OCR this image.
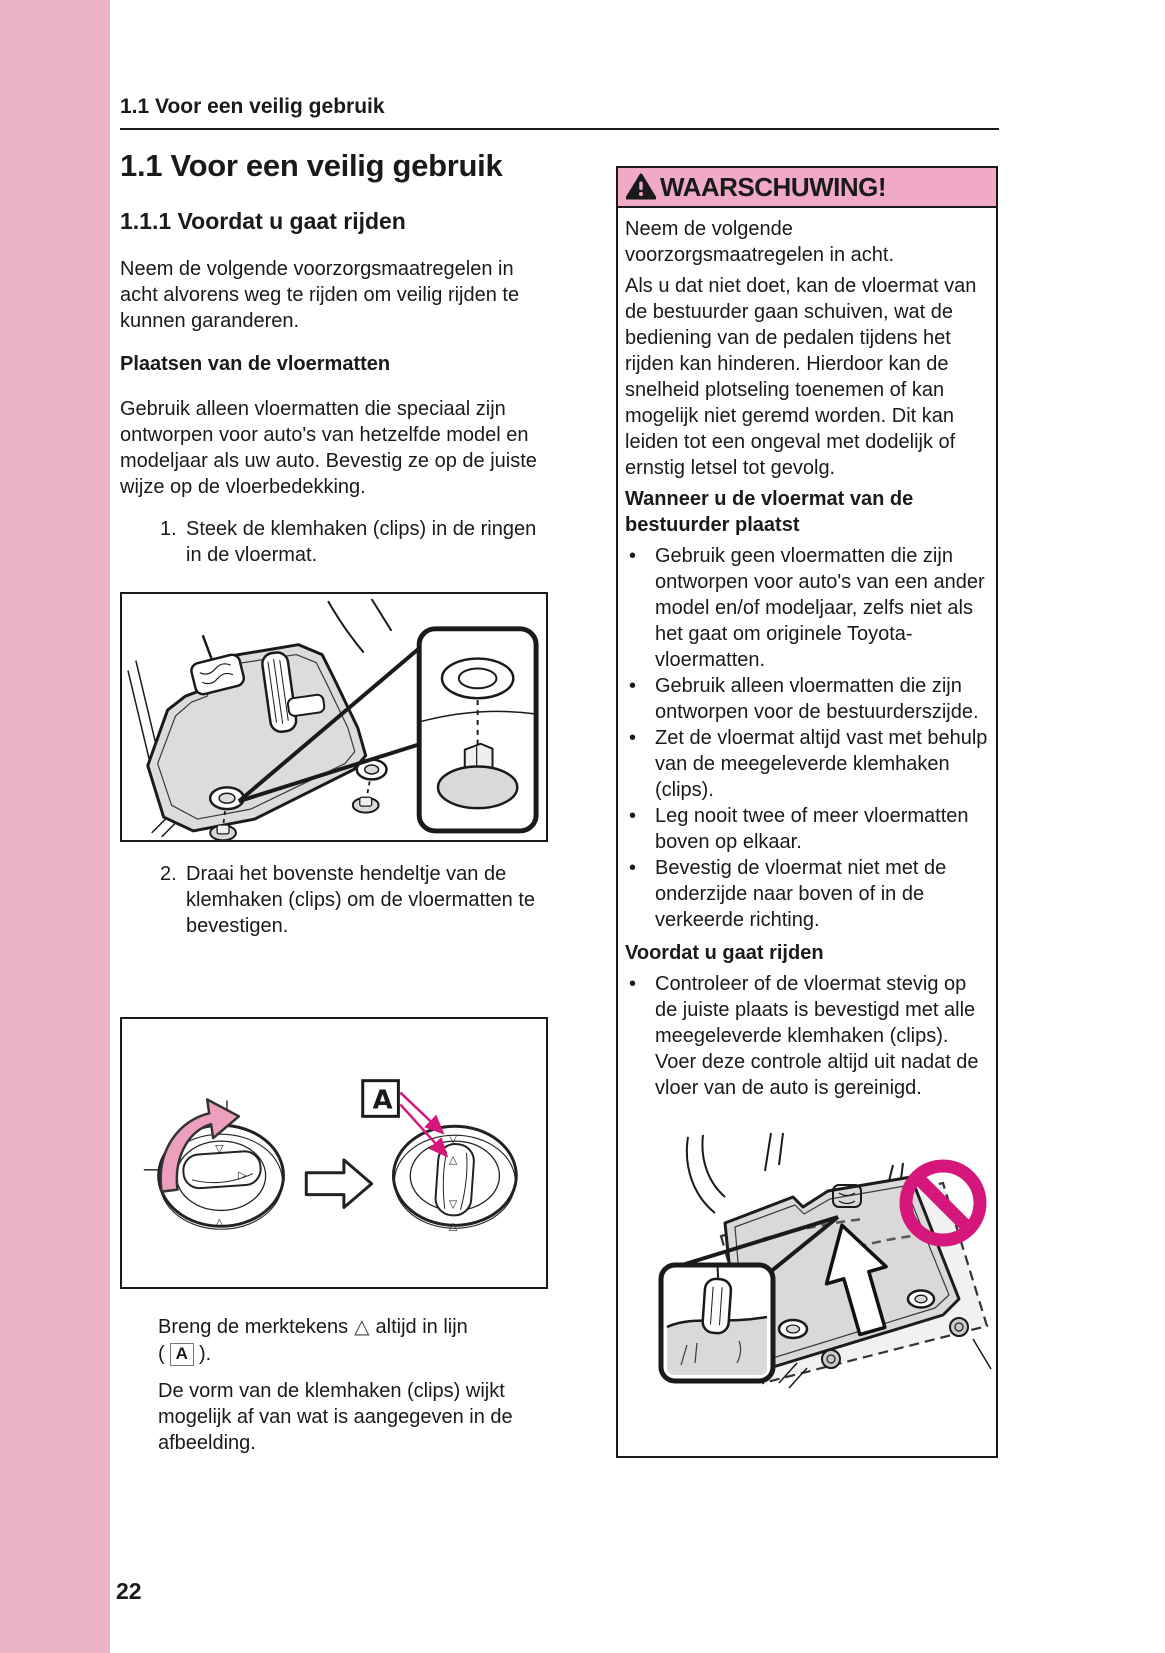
1.1 Voor een veilig gebruik
1.1 Voor een veilig gebruik
1.1.1 Voordat u gaat rijden

Neem de volgende voorzorgsmaatregelen in acht alvorens weg te rijden om veilig rijden te kunnen garanderen.

Plaatsen van de vloermatten

Gebruik alleen vloermatten die speciaal zijn ontworpen voor auto's van hetzelfde model en modeljaar als uw auto. Bevestig ze op de juiste wijze op de vloerbedekking.

1. Steek de klemhaken (clips) in de ringen in de vloermat.
2. Draai het bovenste hendeltje van de klemhaken (clips) om de vloermatten te bevestigen.
▽
▷
△
▽
△
▽
△
A

Breng de merktekens △ altijd in lijn
( A ).

De vorm van de klemhaken (clips) wijkt mogelijk af van wat is aangegeven in de afbeelding.

WAARSCHUWING!

Neem de volgende voorzorgsmaatregelen in acht.

Als u dat niet doet, kan de vloermat van de bestuurder gaan schuiven, wat de bediening van de pedalen tijdens het rijden kan hinderen. Hierdoor kan de snelheid plotseling toenemen of kan mogelijk niet geremd worden. Dit kan leiden tot een ongeval met dodelijk of ernstig letsel tot gevolg.

Wanneer u de vloermat van de bestuurder plaatst

• Gebruik geen vloermatten die zijn ontworpen voor auto's van een ander model en/of modeljaar, zelfs niet als het gaat om originele Toyota-vloermatten.
• Gebruik alleen vloermatten die zijn ontworpen voor de bestuurderszijde.
• Zet de vloermat altijd vast met behulp van de meegeleverde klemhaken (clips).
• Leg nooit twee of meer vloermatten boven op elkaar.
• Bevestig de vloermat niet met de onderzijde naar boven of in de verkeerde richting.

Voordat u gaat rijden

• Controleer of de vloermat stevig op de juiste plaats is bevestigd met alle meegeleverde klemhaken (clips). Voer deze controle altijd uit nadat de vloer van de auto is gereinigd.
22
